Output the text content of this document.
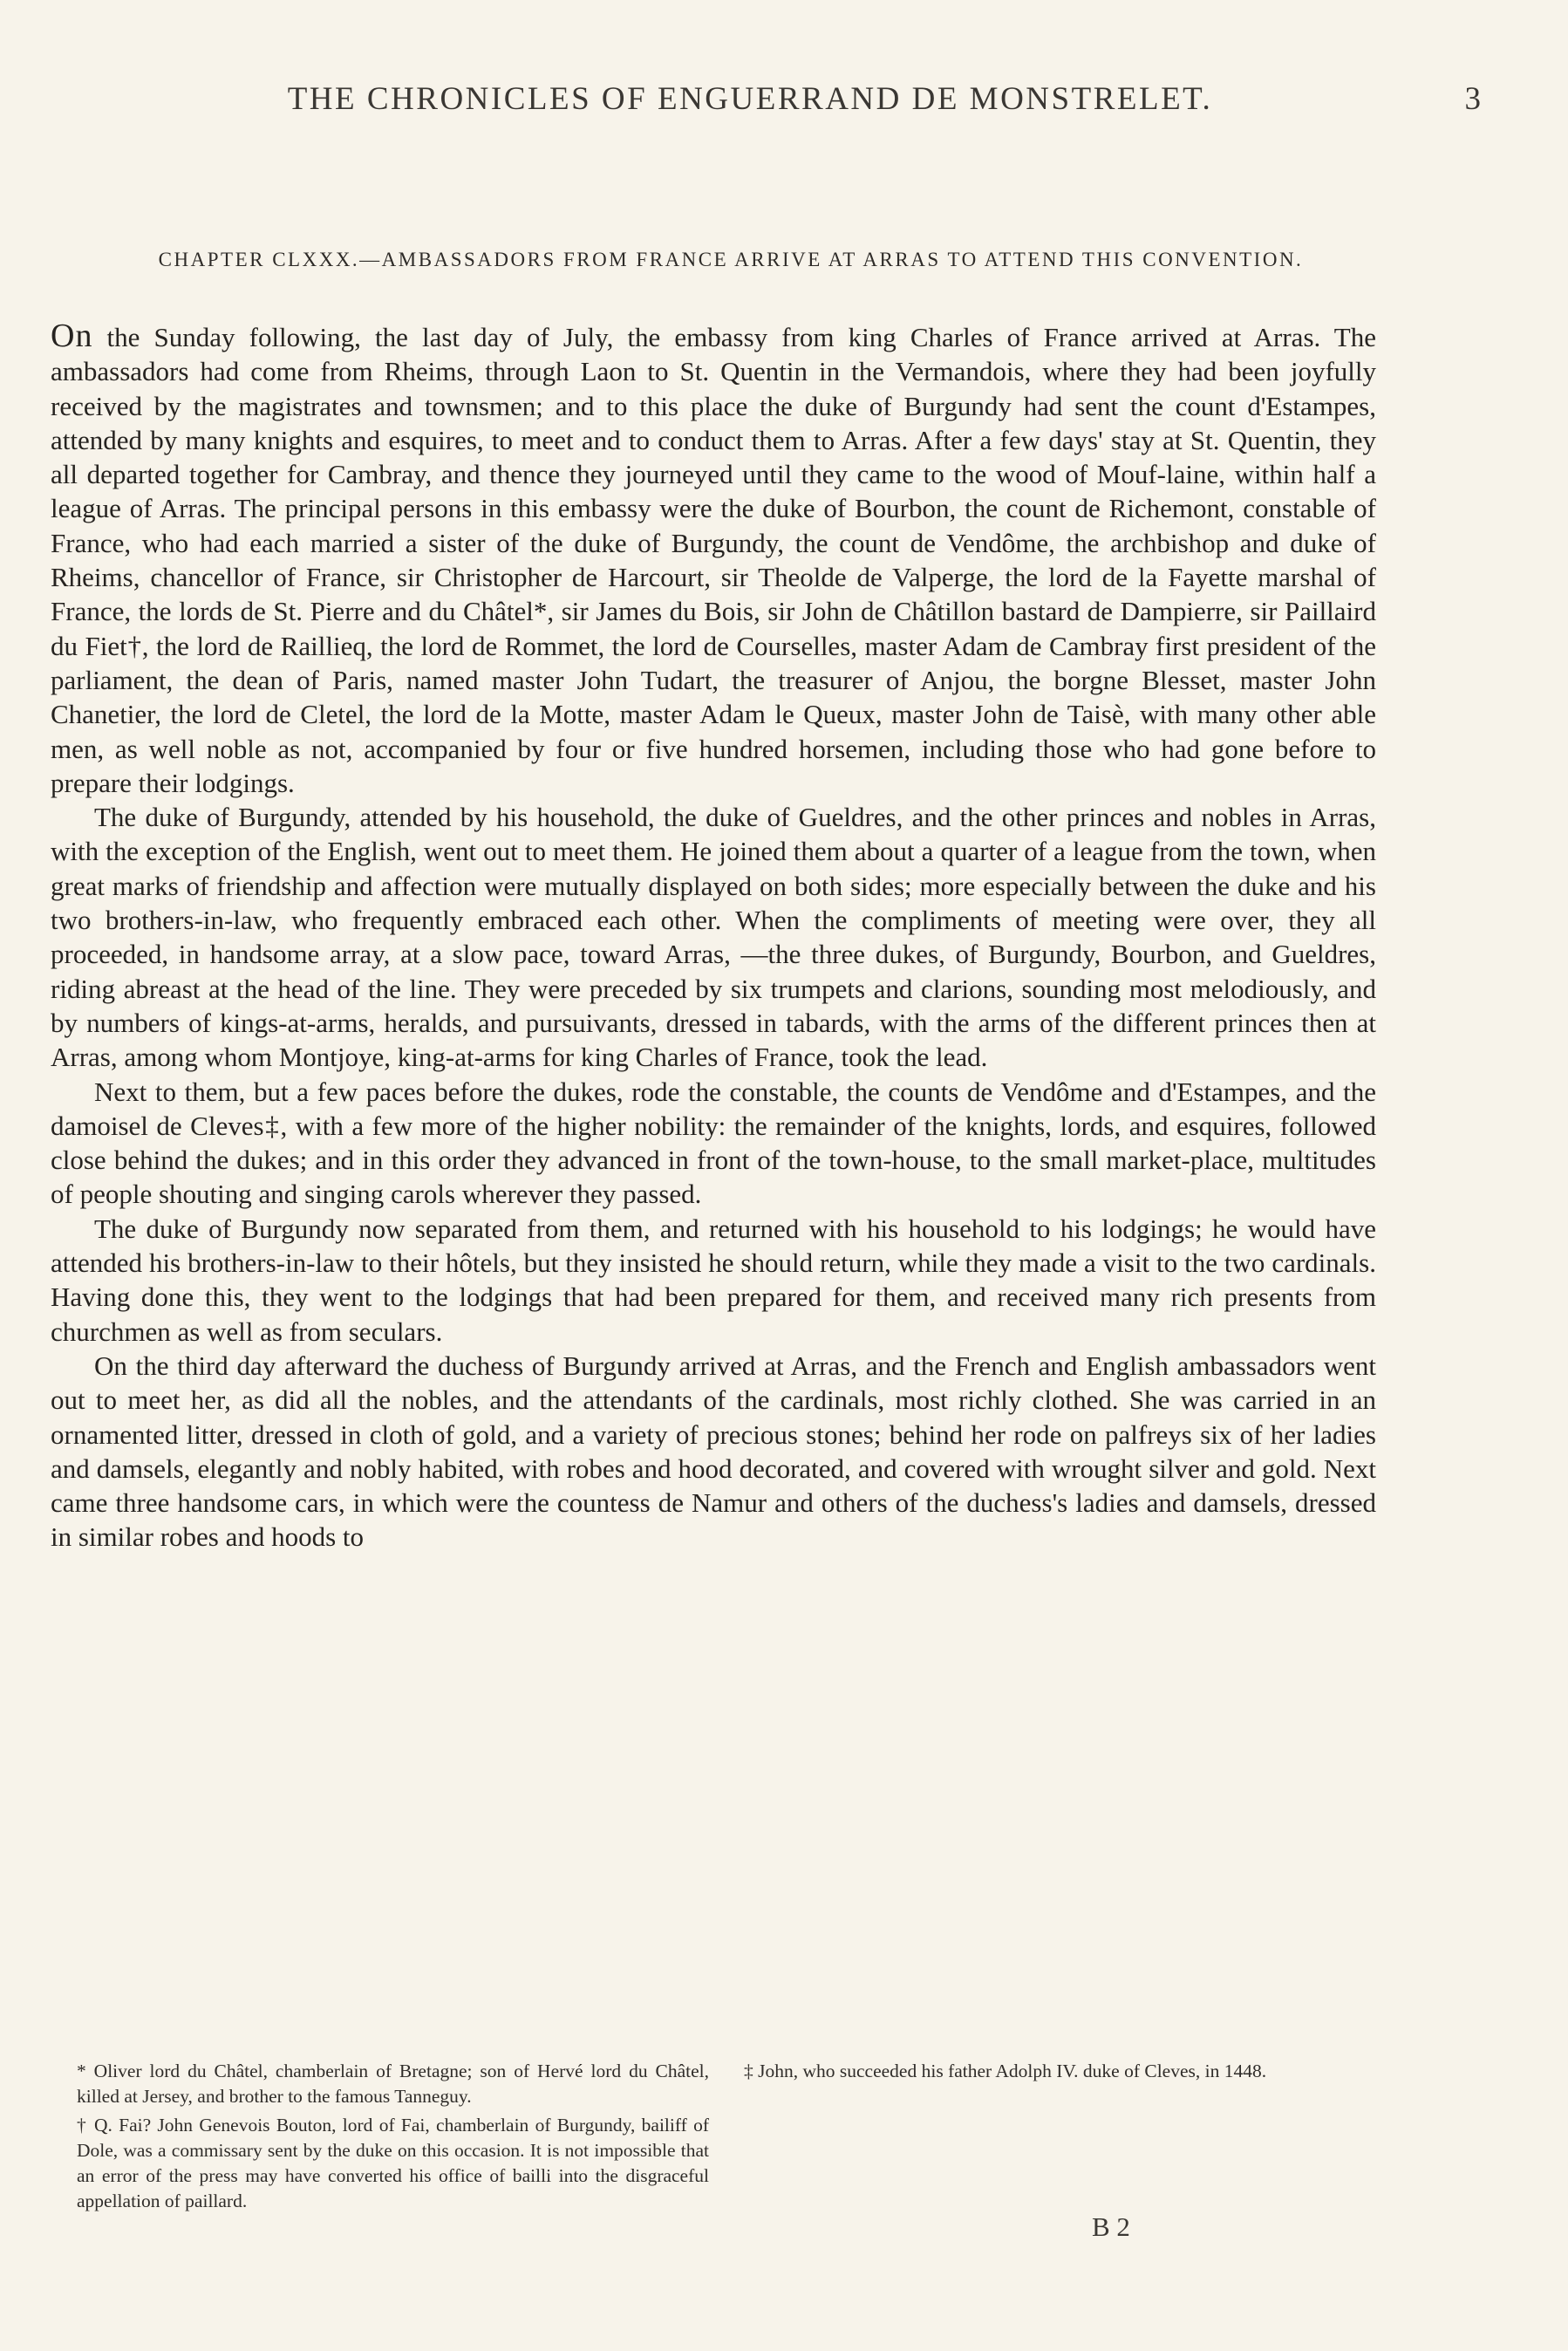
THE CHRONICLES OF ENGUERRAND DE MONSTRELET.	3
CHAPTER CLXXX.—AMBASSADORS FROM FRANCE ARRIVE AT ARRAS TO ATTEND THIS CONVENTION.

On the Sunday following, the last day of July, the embassy from king Charles of France arrived at Arras. The ambassadors had come from Rheims, through Laon to St. Quentin in the Vermandois, where they had been joyfully received by the magistrates and townsmen; and to this place the duke of Burgundy had sent the count d'Estampes, attended by many knights and esquires, to meet and to conduct them to Arras. After a few days' stay at St. Quentin, they all departed together for Cambray, and thence they journeyed until they came to the wood of Mouf-laine, within half a league of Arras. The principal persons in this embassy were the duke of Bourbon, the count de Richemont, constable of France, who had each married a sister of the duke of Burgundy, the count de Vendôme, the archbishop and duke of Rheims, chancellor of France, sir Christopher de Harcourt, sir Theolde de Valperge, the lord de la Fayette marshal of France, the lords de St. Pierre and du Châtel*, sir James du Bois, sir John de Châtillon bastard de Dampierre, sir Paillaird du Fiet†, the lord de Raillieq, the lord de Rommet, the lord de Courselles, master Adam de Cambray first president of the parliament, the dean of Paris, named master John Tudart, the treasurer of Anjou, the borgne Blesset, master John Chanetier, the lord de Cletel, the lord de la Motte, master Adam le Queux, master John de Taisè, with many other able men, as well noble as not, accompanied by four or five hundred horsemen, including those who had gone before to prepare their lodgings.

The duke of Burgundy, attended by his household, the duke of Gueldres, and the other princes and nobles in Arras, with the exception of the English, went out to meet them. He joined them about a quarter of a league from the town, when great marks of friendship and affection were mutually displayed on both sides; more especially between the duke and his two brothers-in-law, who frequently embraced each other. When the compliments of meeting were over, they all proceeded, in handsome array, at a slow pace, toward Arras, —the three dukes, of Burgundy, Bourbon, and Gueldres, riding abreast at the head of the line. They were preceded by six trumpets and clarions, sounding most melodiously, and by numbers of kings-at-arms, heralds, and pursuivants, dressed in tabards, with the arms of the different princes then at Arras, among whom Montjoye, king-at-arms for king Charles of France, took the lead.

Next to them, but a few paces before the dukes, rode the constable, the counts de Vendôme and d'Estampes, and the damoisel de Cleves‡, with a few more of the higher nobility: the remainder of the knights, lords, and esquires, followed close behind the dukes; and in this order they advanced in front of the town-house, to the small market-place, multitudes of people shouting and singing carols wherever they passed.

The duke of Burgundy now separated from them, and returned with his household to his lodgings; he would have attended his brothers-in-law to their hôtels, but they insisted he should return, while they made a visit to the two cardinals. Having done this, they went to the lodgings that had been prepared for them, and received many rich presents from churchmen as well as from seculars.

On the third day afterward the duchess of Burgundy arrived at Arras, and the French and English ambassadors went out to meet her, as did all the nobles, and the attendants of the cardinals, most richly clothed. She was carried in an ornamented litter, dressed in cloth of gold, and a variety of precious stones; behind her rode on palfreys six of her ladies and damsels, elegantly and nobly habited, with robes and hood decorated, and covered with wrought silver and gold. Next came three handsome cars, in which were the countess de Namur and others of the duchess's ladies and damsels, dressed in similar robes and hoods to

* Oliver lord du Châtel, chamberlain of Bretagne; son of Hervé lord du Châtel, killed at Jersey, and brother to the famous Tanneguy.

† Q. Fai? John Genevois Bouton, lord of Fai, chamberlain of Burgundy, bailiff of Dole, was a commissary sent by the duke on this occasion. It is not impossible that an error of the press may have converted his office of bailli into the disgraceful appellation of paillard.

‡ John, who succeeded his father Adolph IV. duke of Cleves, in 1448.

B 2
